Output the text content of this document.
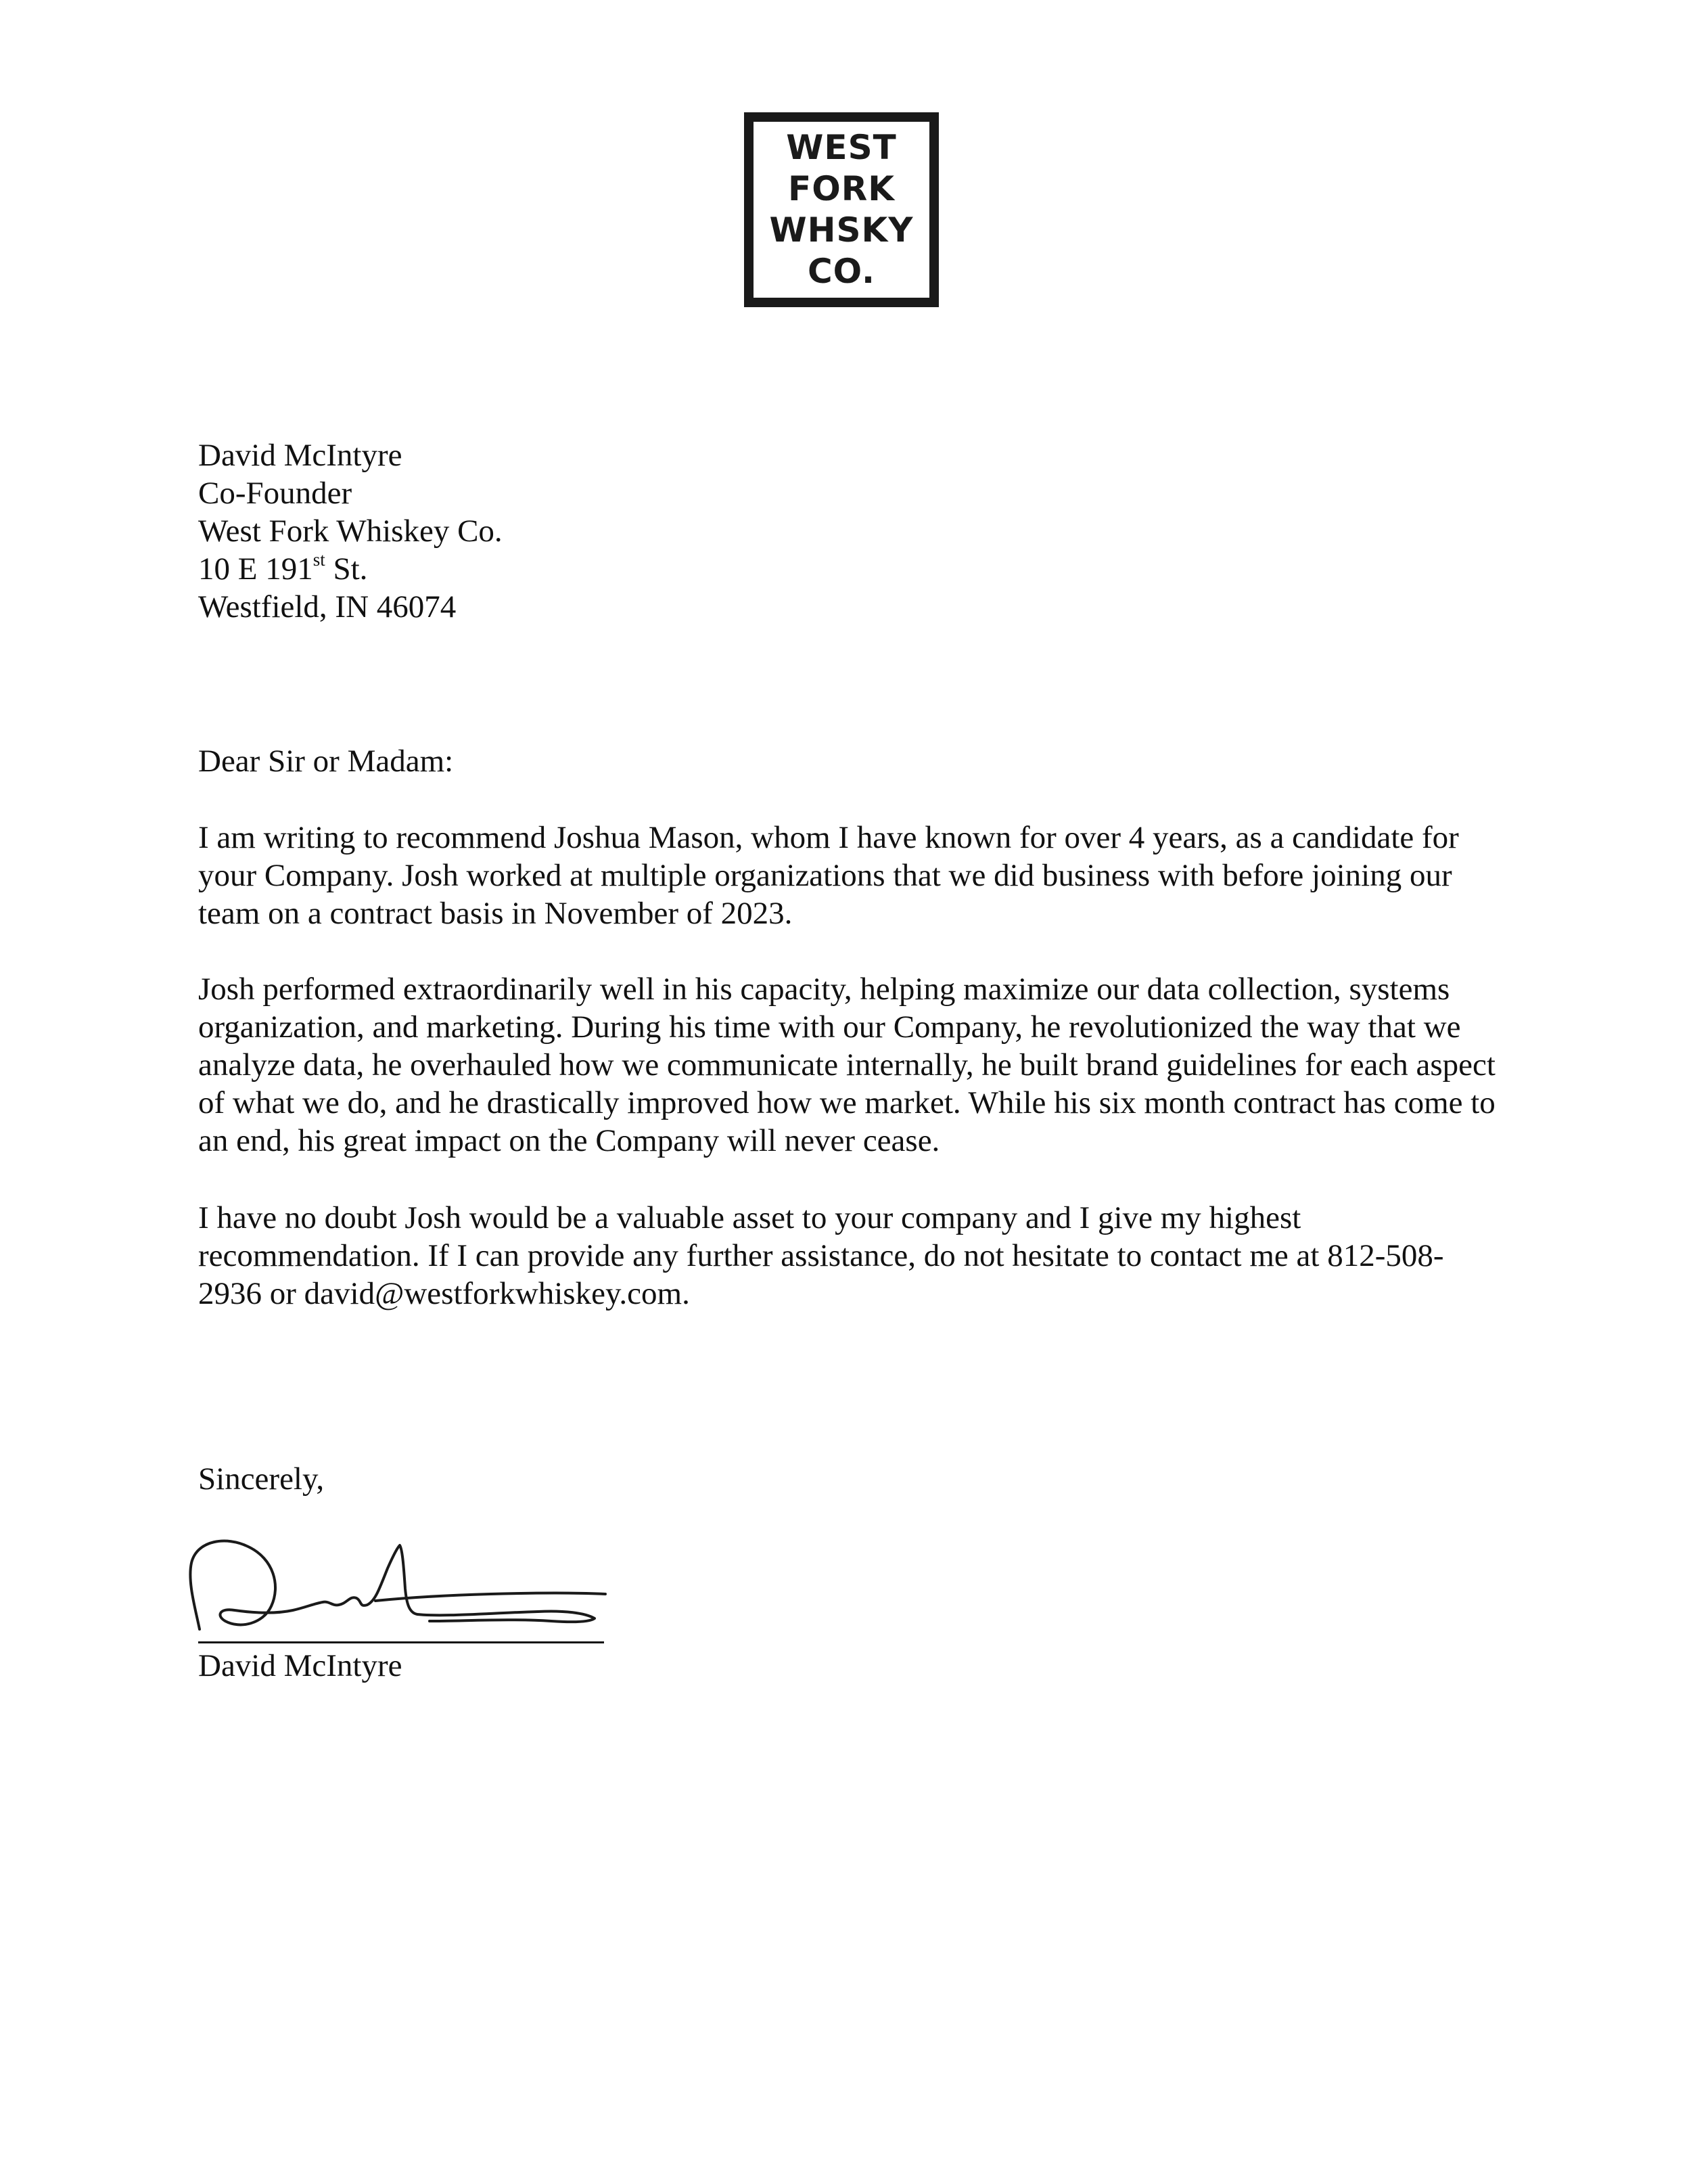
WEST
FORK
WHSKY
CO.
David McIntyre
Co-Founder
West Fork Whiskey Co.
10 E 191st St.
Westfield, IN 46074
Dear Sir or Madam:

I am writing to recommend Joshua Mason, whom I have known for over 4 years, as a candidate for your Company. Josh worked at multiple organizations that we did business with before joining our team on a contract basis in November of 2023.

Josh performed extraordinarily well in his capacity, helping maximize our data collection, systems organization, and marketing. During his time with our Company, he revolutionized the way that we analyze data, he overhauled how we communicate internally, he built brand guidelines for each aspect of what we do, and he drastically improved how we market. While his six month contract has come to an end, his great impact on the Company will never cease.

I have no doubt Josh would be a valuable asset to your company and I give my highest recommendation. If I can provide any further assistance, do not hesitate to contact me at 812-508-2936 or david@westforkwhiskey.com.

Sincerely,
David McIntyre
